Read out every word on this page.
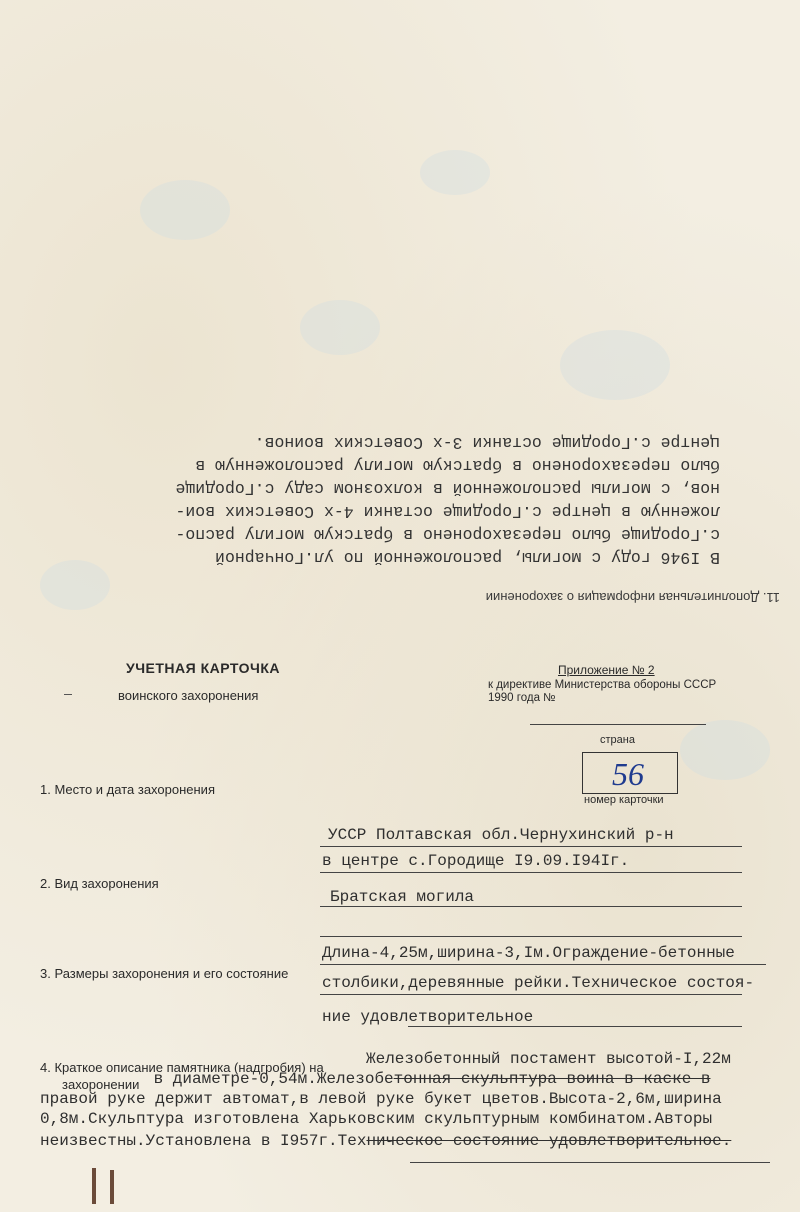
11. Дополнительная информация о захоронении
В I946 году с могилы, расположенной по ул.Гончарной
с.Городище было перезахоронено в братскую могилу распо-
ложенную в центре с.Городище останки 4-х Советских вои-
нов, с могилы расположенной в колхозном саду с.Городище
было перезахоронено в братскую могилу расположенную в
центре с.Городище останки 3-х Советских воинов.
УЧЕТНАЯ КАРТОЧКА
воинского захоронения
Приложение № 2
к директиве Министерства обороны СССР
1990 года №
страна
56
номер карточки
1. Место и дата захоронения
УССР Полтавская обл.Чернухинский р-н
в центре с.Городище I9.09.I94Iг.
2. Вид захоронения
Братская могила
3. Размеры захоронения и его состояние
Длина-4,25м,ширина-3,Iм.Ограждение-бетонные
столбики,деревянные рейки.Техническое состоя-
ние удовлетворительное
4. Краткое описание памятника (надгробия) на	Железобетонный постамент высотой-I,22м
захоронении в диаметре-0,54м.Железобетонная скульптура воина в каске в
правой руке держит автомат,в левой руке букет цветов.Высота-2,6м,ширина
0,8м.Скульптура изготовлена Харьковским скульптурным комбинатом.Авторы
неизвестны.Установлена в I957г.Техническое состояние удовлетворительное.
